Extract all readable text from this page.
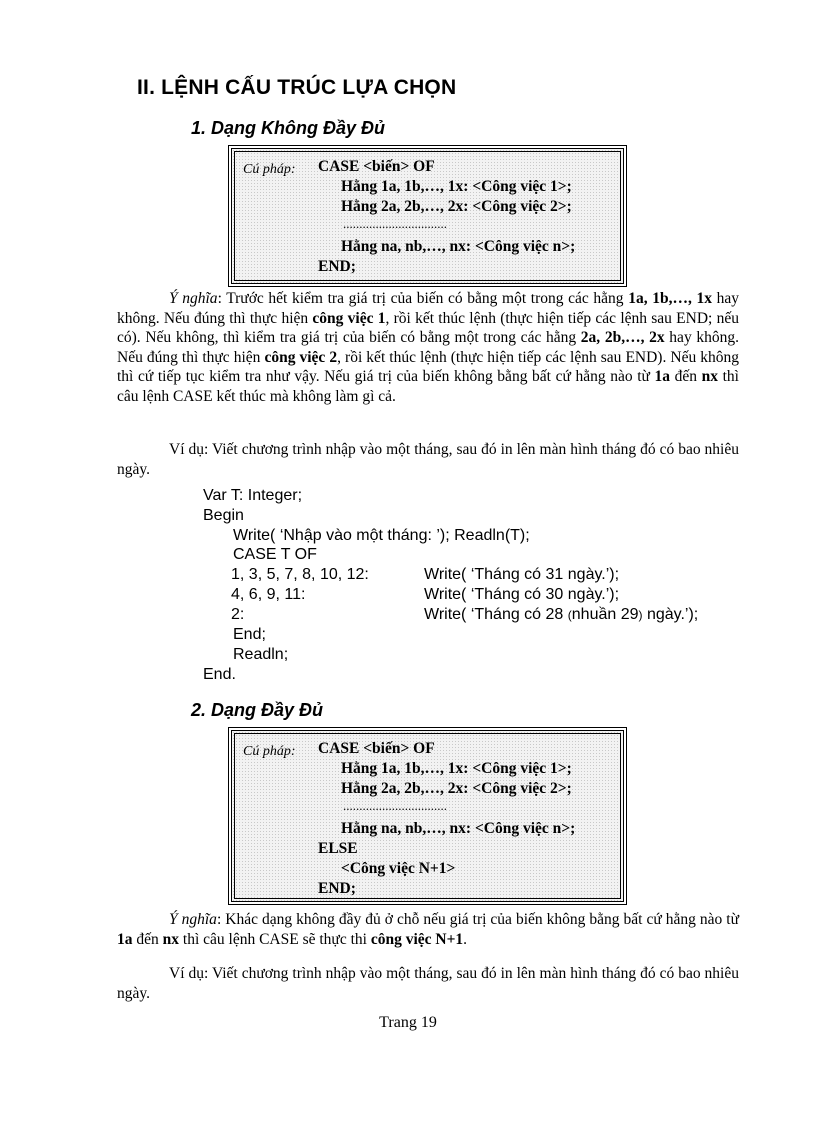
II. LỆNH CẤU TRÚC LỰA CHỌN
1. Dạng Không Đầy Đủ
Cú pháp: CASE <biến> OF
Hằng 1a, 1b,…, 1x: <Công việc 1>;
Hằng 2a, 2b,…, 2x: <Công việc 2>;
................................
Hằng na, nb,…, nx: <Công việc n>;
END;
Ý nghĩa: Trước hết kiểm tra giá trị của biến có bằng một trong các hằng 1a, 1b,…, 1x hay không. Nếu đúng thì thực hiện công việc 1, rồi kết thúc lệnh (thực hiện tiếp các lệnh sau END; nếu có). Nếu không, thì kiểm tra giá trị của biến có bằng một trong các hằng 2a, 2b,…, 2x hay không. Nếu đúng thì thực hiện công việc 2, rồi kết thúc lệnh (thực hiện tiếp các lệnh sau END). Nếu không thì cứ tiếp tục kiểm tra như vậy. Nếu giá trị của biến không bằng bất cứ hằng nào từ 1a đến nx thì câu lệnh CASE kết thúc mà không làm gì cả.
Ví dụ: Viết chương trình nhập vào một tháng, sau đó in lên màn hình tháng đó có bao nhiêu ngày.
Var T: Integer;
Begin
Write( ‘Nhập vào một tháng: ’); Readln(T);
CASE T OF
1, 3, 5, 7, 8, 10, 12:	Write( ‘Tháng có 31 ngày.’);
4, 6, 9, 11:	Write( ‘Tháng có 30 ngày.’);
2:	Write( ‘Tháng có 28 (nhuần 29) ngày.’);
End;
Readln;
End.
2. Dạng Đầy Đủ
Cú pháp: CASE <biến> OF
Hằng 1a, 1b,…, 1x: <Công việc 1>;
Hằng 2a, 2b,…, 2x: <Công việc 2>;
................................
Hằng na, nb,…, nx: <Công việc n>;
ELSE
<Công việc N+1>
END;
Ý nghĩa: Khác dạng không đầy đủ ở chỗ nếu giá trị của biến không bằng bất cứ hằng nào từ 1a đến nx thì câu lệnh CASE sẽ thực thi công việc N+1.
Ví dụ: Viết chương trình nhập vào một tháng, sau đó in lên màn hình tháng đó có bao nhiêu ngày.
Trang 19
